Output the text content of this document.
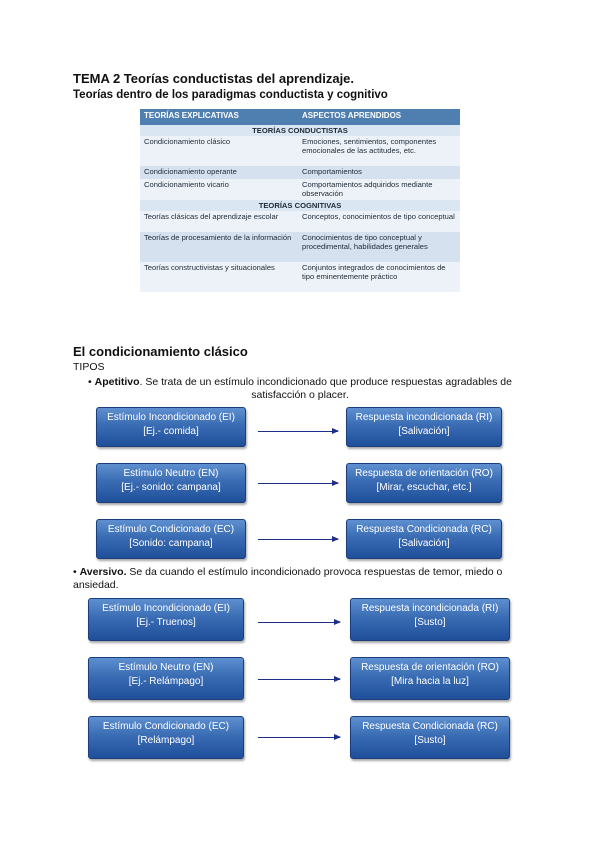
TEMA 2 Teorías conductistas del aprendizaje.
Teorías dentro de los paradigmas conductista y cognitivo
TEORÍAS EXPLICATIVAS	ASPECTOS APRENDIDOS
TEORÍAS CONDUCTISTAS	
Condicionamiento clásico	Emociones, sentimientos, componentes emocionales de las actitudes, etc.
Condicionamiento operante	Comportamientos
Condicionamiento vicario	Comportamientos adquiridos mediante observación
TEORÍAS COGNITIVAS	
Teorías clásicas del aprendizaje escolar	Conceptos, conocimientos de tipo conceptual
Teorías de procesamiento de la información	Conocimientos de tipo conceptual y procedimental, habilidades generales
Teorías constructivistas y situacionales	Conjuntos integrados de conocimientos de tipo eminentemente práctico
El condicionamiento clásico
TIPOS
• Apetitivo. Se trata de un estímulo incondicionado que produce respuestas agradables de satisfacción o placer.
Estímulo Incondicionado (EI)
[Ej.- comida]
Respuesta incondicionada (RI)
[Salivación]
Estímulo Neutro (EN)
[Ej.- sonido: campana]
Respuesta de orientación (RO)
[Mirar, escuchar, etc.]
Estímulo Condicionado (EC)
[Sonido: campana]
Respuesta Condicionada (RC)
[Salivación]
• Aversivo. Se da cuando el estímulo incondicionado provoca respuestas de temor, miedo o ansiedad.
Estímulo Incondicionado (EI)
[Ej.- Truenos]
Respuesta incondicionada (RI)
[Susto]
Estímulo Neutro (EN)
[Ej.- Relámpago]
Respuesta de orientación (RO)
[Mira hacia la luz]
Estímulo Condicionado (EC)
[Relámpago]
Respuesta Condicionada (RC)
[Susto]
